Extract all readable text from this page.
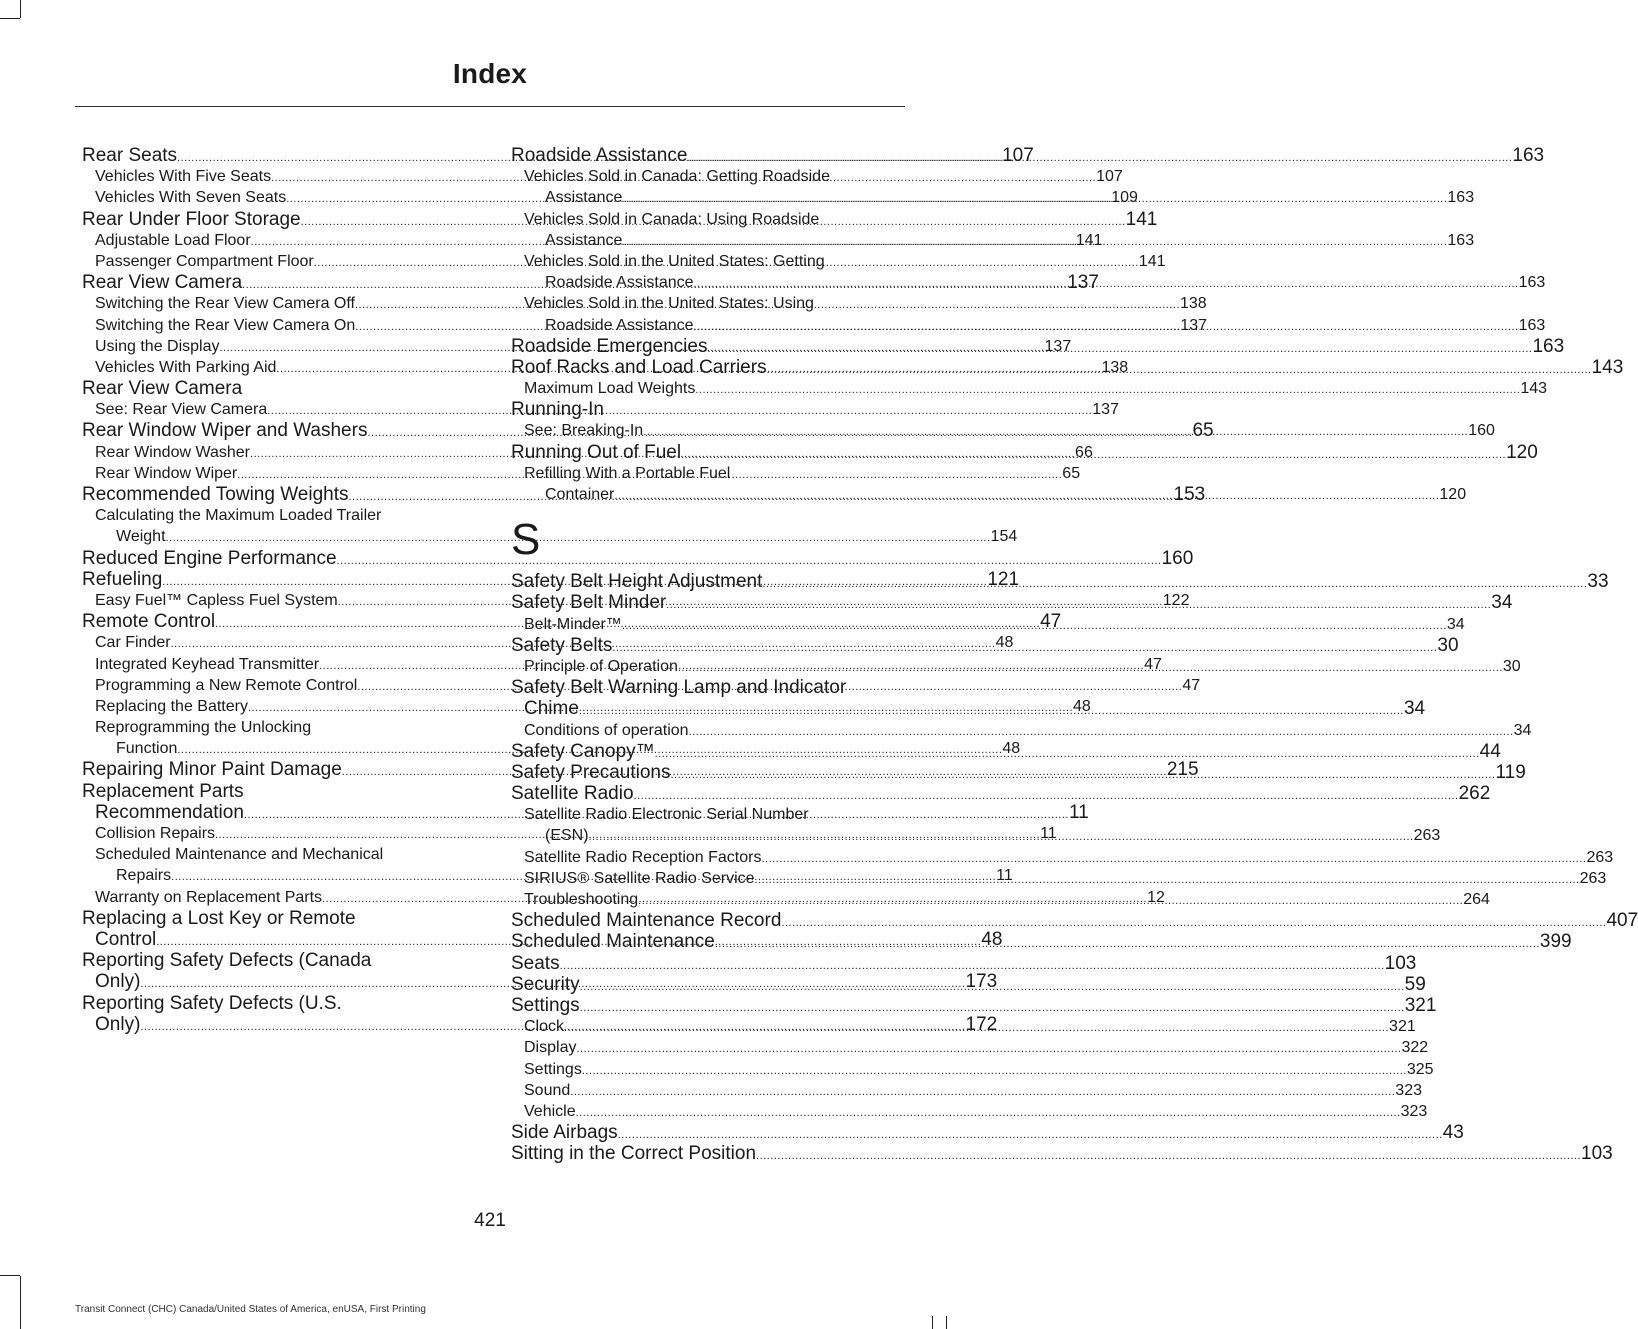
Index
Rear Seats .....	107
Vehicles With Five Seats .....	107
Vehicles With Seven Seats .....	109
Rear Under Floor Storage .....	141
Adjustable Load Floor .....	141
Passenger Compartment Floor .....	141
Rear View Camera .....	137
Switching the Rear View Camera Off .....	138
Switching the Rear View Camera On .....	137
Using the Display .....	137
Vehicles With Parking Aid .....	138
Rear View Camera
See: Rear View Camera .....	137
Rear Window Wiper and Washers .....	65
Rear Window Washer .....	66
Rear Window Wiper .....	65
Recommended Towing Weights .....	153
Calculating the Maximum Loaded Trailer
Weight .....	154
Reduced Engine Performance .....	160
Refueling .....	121
Easy Fuel™ Capless Fuel System .....	122
Remote Control .....	47
Car Finder .....	48
Integrated Keyhead Transmitter .....	47
Programming a New Remote Control .....	47
Replacing the Battery .....	48
Reprogramming the Unlocking
Function .....	48
Repairing Minor Paint Damage .....	215
Replacement Parts
Recommendation .....	11
Collision Repairs .....	11
Scheduled Maintenance and Mechanical
Repairs .....	11
Warranty on Replacement Parts .....	12
Replacing a Lost Key or Remote
Control .....	48
Reporting Safety Defects (Canada
Only) .....	173
Reporting Safety Defects (U.S.
Only) .....	172
Roadside Assistance .....	163
Vehicles Sold in Canada: Getting Roadside
Assistance .....	163
Vehicles Sold in Canada: Using Roadside
Assistance .....	163
Vehicles Sold in the United States: Getting
Roadside Assistance .....	163
Vehicles Sold in the United States: Using
Roadside Assistance .....	163
Roadside Emergencies .....	163
Roof Racks and Load Carriers .....	143
Maximum Load Weights .....	143
Running-In
See: Breaking-In .....	160
Running Out of Fuel .....	120
Refilling With a Portable Fuel
Container .....	120
S
Safety Belt Height Adjustment .....	33
Safety Belt Minder .....	34
Belt-Minder™ .....	34
Safety Belts .....	30
Principle of Operation .....	30
Safety Belt Warning Lamp and Indicator
Chime .....	34
Conditions of operation .....	34
Safety Canopy™ .....	44
Safety Precautions .....	119
Satellite Radio .....	262
Satellite Radio Electronic Serial Number
(ESN) .....	263
Satellite Radio Reception Factors .....	263
SIRIUS® Satellite Radio Service .....	263
Troubleshooting .....	264
Scheduled Maintenance Record .....	407
Scheduled Maintenance .....	399
Seats .....	103
Security .....	59
Settings .....	321
Clock .....	321
Display .....	322
Settings .....	325
Sound .....	323
Vehicle .....	323
Side Airbags .....	43
Sitting in the Correct Position .....	103
421
Transit Connect (CHC) Canada/United States of America, enUSA, First Printing
